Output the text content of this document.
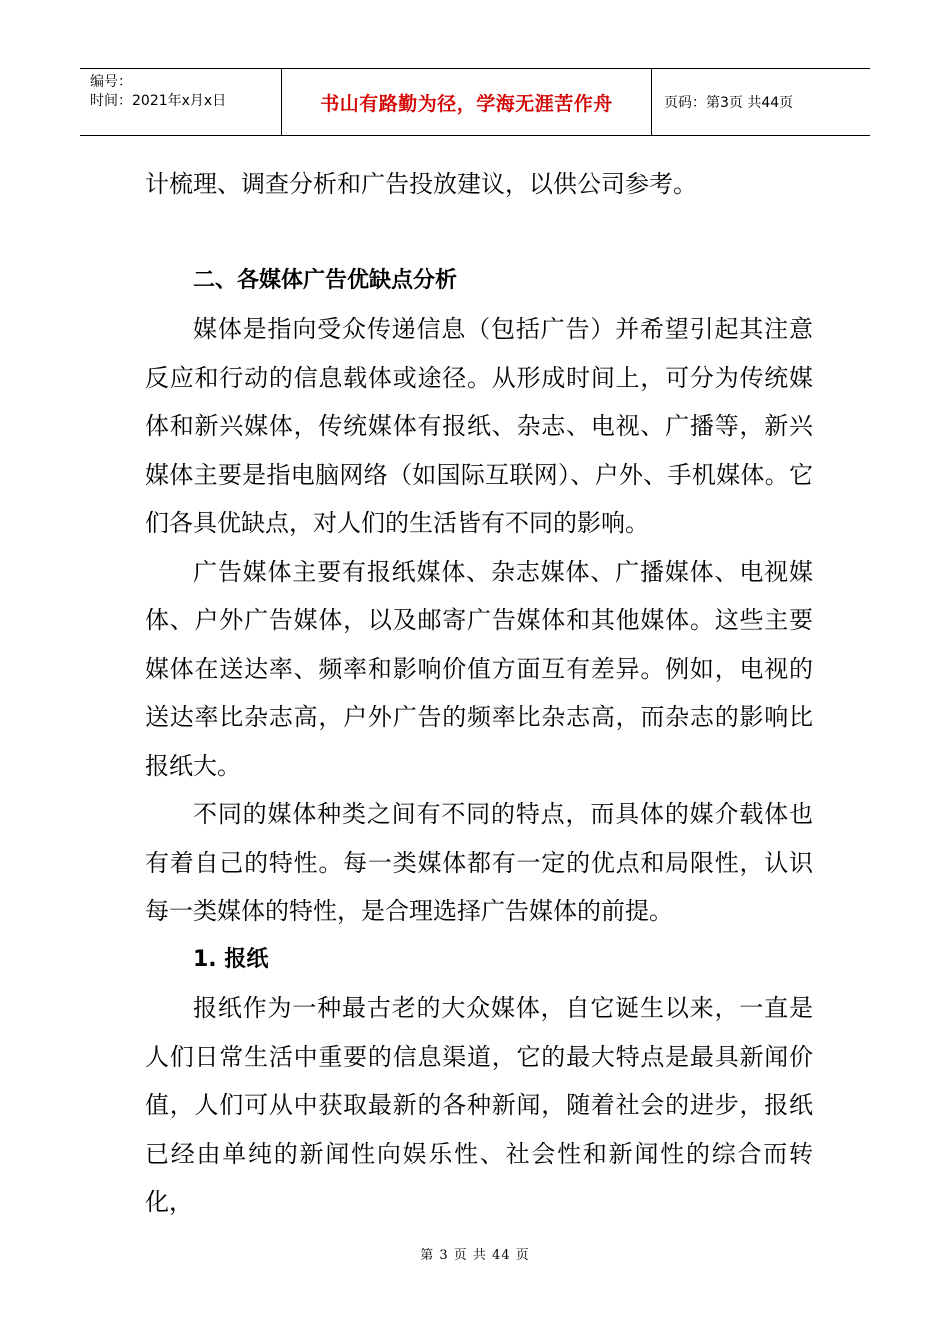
编号：
时间：2021年x月x日	书山有路勤为径，学海无涯苦作舟	页码：第3页 共44页

计梳理、调查分析和广告投放建议，以供公司参考。

二、各媒体广告优缺点分析

媒体是指向受众传递信息（包括广告）并希望引起其注意反应和行动的信息载体或途径。从形成时间上，可分为传统媒体和新兴媒体，传统媒体有报纸、杂志、电视、广播等，新兴媒体主要是指电脑网络（如国际互联网）、户外、手机媒体。它们各具优缺点，对人们的生活皆有不同的影响。

广告媒体主要有报纸媒体、杂志媒体、广播媒体、电视媒体、户外广告媒体，以及邮寄广告媒体和其他媒体。这些主要媒体在送达率、频率和影响价值方面互有差异。例如，电视的送达率比杂志高，户外广告的频率比杂志高，而杂志的影响比报纸大。

不同的媒体种类之间有不同的特点，而具体的媒介载体也有着自己的特性。每一类媒体都有一定的优点和局限性，认识每一类媒体的特性，是合理选择广告媒体的前提。

1. 报纸

报纸作为一种最古老的大众媒体，自它诞生以来，一直是人们日常生活中重要的信息渠道，它的最大特点是最具新闻价值，人们可从中获取最新的各种新闻，随着社会的进步，报纸已经由单纯的新闻性向娱乐性、社会性和新闻性的综合而转化，

第 3 页 共 44 页
